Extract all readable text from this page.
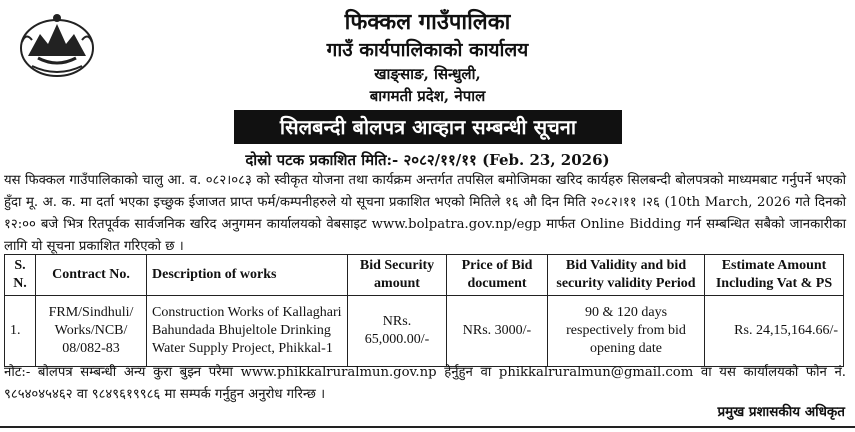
फिक्कल गाउँपालिका
गाउँ कार्यपालिकाको कार्यालय
खाङ्साङ, सिन्धुली,
बागमती प्रदेश, नेपाल
सिलबन्दी बोलपत्र आव्हान सम्बन्धी सूचना
दोस्रो पटक प्रकाशित मिति:- २०८२/११/११ (Feb. 23, 2026)
यस फिक्कल गाउँपालिकाको चालु आ. व. ०८२।०८३ को स्वीकृत योजना तथा कार्यक्रम अन्तर्गत तपसिल बमोजिमका खरिद कार्यहरु सिलबन्दी बोलपत्रको माध्यमबाट गर्नुपर्ने भएको हुँदा मू. अ. क. मा दर्ता भएका इच्छुक ईजाजत प्राप्त फर्म/कम्पनीहरुले यो सूचना प्रकाशित भएको मितिले १६ औ दिन मिति २०८२।११ ।२६ (10th March, 2026 गते दिनको १२:०० बजे भित्र रितपूर्वक सार्वजनिक खरिद अनुगमन कार्यालयको वेबसाइट www.bolpatra.gov.np/egp मार्फत Online Bidding गर्न सम्बन्धित सबैको जानकारीका लागि यो सूचना प्रकाशित गरिएको छ ।
S. N.	Contract No.	Description of works	Bid Security amount	Price of Bid document	Bid Validity and bid security validity Period	Estimate Amount Including Vat & PS
1.	FRM/Sindhuli/ Works/NCB/ 08/082-83	Construction Works of Kallaghari Bahundada Bhujeltole Drinking Water Supply Project, Phikkal-1	NRs. 65,000.00/-	NRs. 3000/-	90 & 120 days respectively from bid opening date	Rs. 24,15,164.66/-
नोट:- बोलपत्र सम्बन्धी अन्य कुरा बुझ्न परेमा www.phikkalruralmun.gov.np हेर्नुहुन वा phikkalruralmun@gmail.com वा यस कार्यालयको फोन नं. ९८५४०४५४६२ वा ९८४९६१९९८६ मा सम्पर्क गर्नुहुन अनुरोध गरिन्छ ।
प्रमुख प्रशासकीय अधिकृत
